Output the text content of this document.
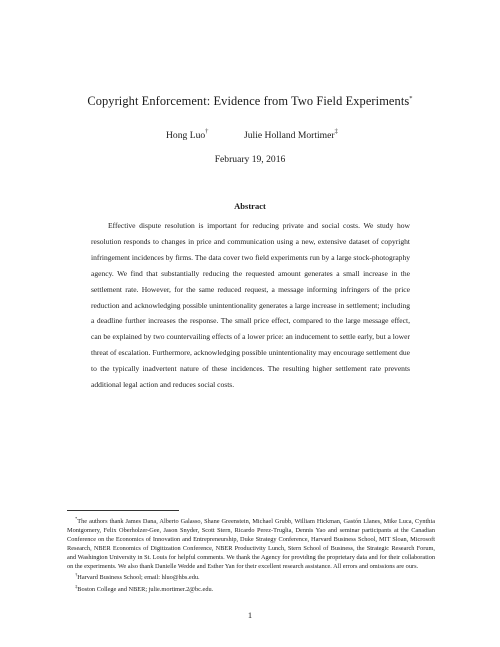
Copyright Enforcement: Evidence from Two Field Experiments*
Hong Luo†	Julie Holland Mortimer‡
February 19, 2016
Abstract

Effective dispute resolution is important for reducing private and social costs. We study how resolution responds to changes in price and communication using a new, extensive dataset of copyright infringement incidences by firms. The data cover two field experiments run by a large stock-photography agency. We find that substantially reducing the requested amount generates a small increase in the settlement rate. However, for the same reduced request, a message informing infringers of the price reduction and acknowledging possible unintentionality generates a large increase in settlement; including a deadline further increases the response. The small price effect, compared to the large message effect, can be explained by two countervailing effects of a lower price: an inducement to settle early, but a lower threat of escalation. Furthermore, acknowledging possible unintentionality may encourage settlement due to the typically inadvertent nature of these incidences. The resulting higher settlement rate prevents additional legal action and reduces social costs.

*The authors thank James Dana, Alberto Galasso, Shane Greenstein, Michael Grubb, William Hickman, Gastón Llanes, Mike Luca, Cynthia Montgomery, Felix Oberholzer-Gee, Jason Snyder, Scott Stern, Ricardo Perez-Truglia, Dennis Yao and seminar participants at the Canadian Conference on the Economics of Innovation and Entrepreneurship, Duke Strategy Conference, Harvard Business School, MIT Sloan, Microsoft Research, NBER Economics of Digitization Conference, NBER Productivity Lunch, Stern School of Business, the Strategic Research Forum, and Washington University in St. Louis for helpful comments. We thank the Agency for providing the proprietary data and for their collaboration on the experiments. We also thank Danielle Wedde and Esther Yan for their excellent research assistance. All errors and omissions are ours.

†Harvard Business School; email: hluo@hbs.edu.

‡Boston College and NBER; julie.mortimer.2@bc.edu.

1
